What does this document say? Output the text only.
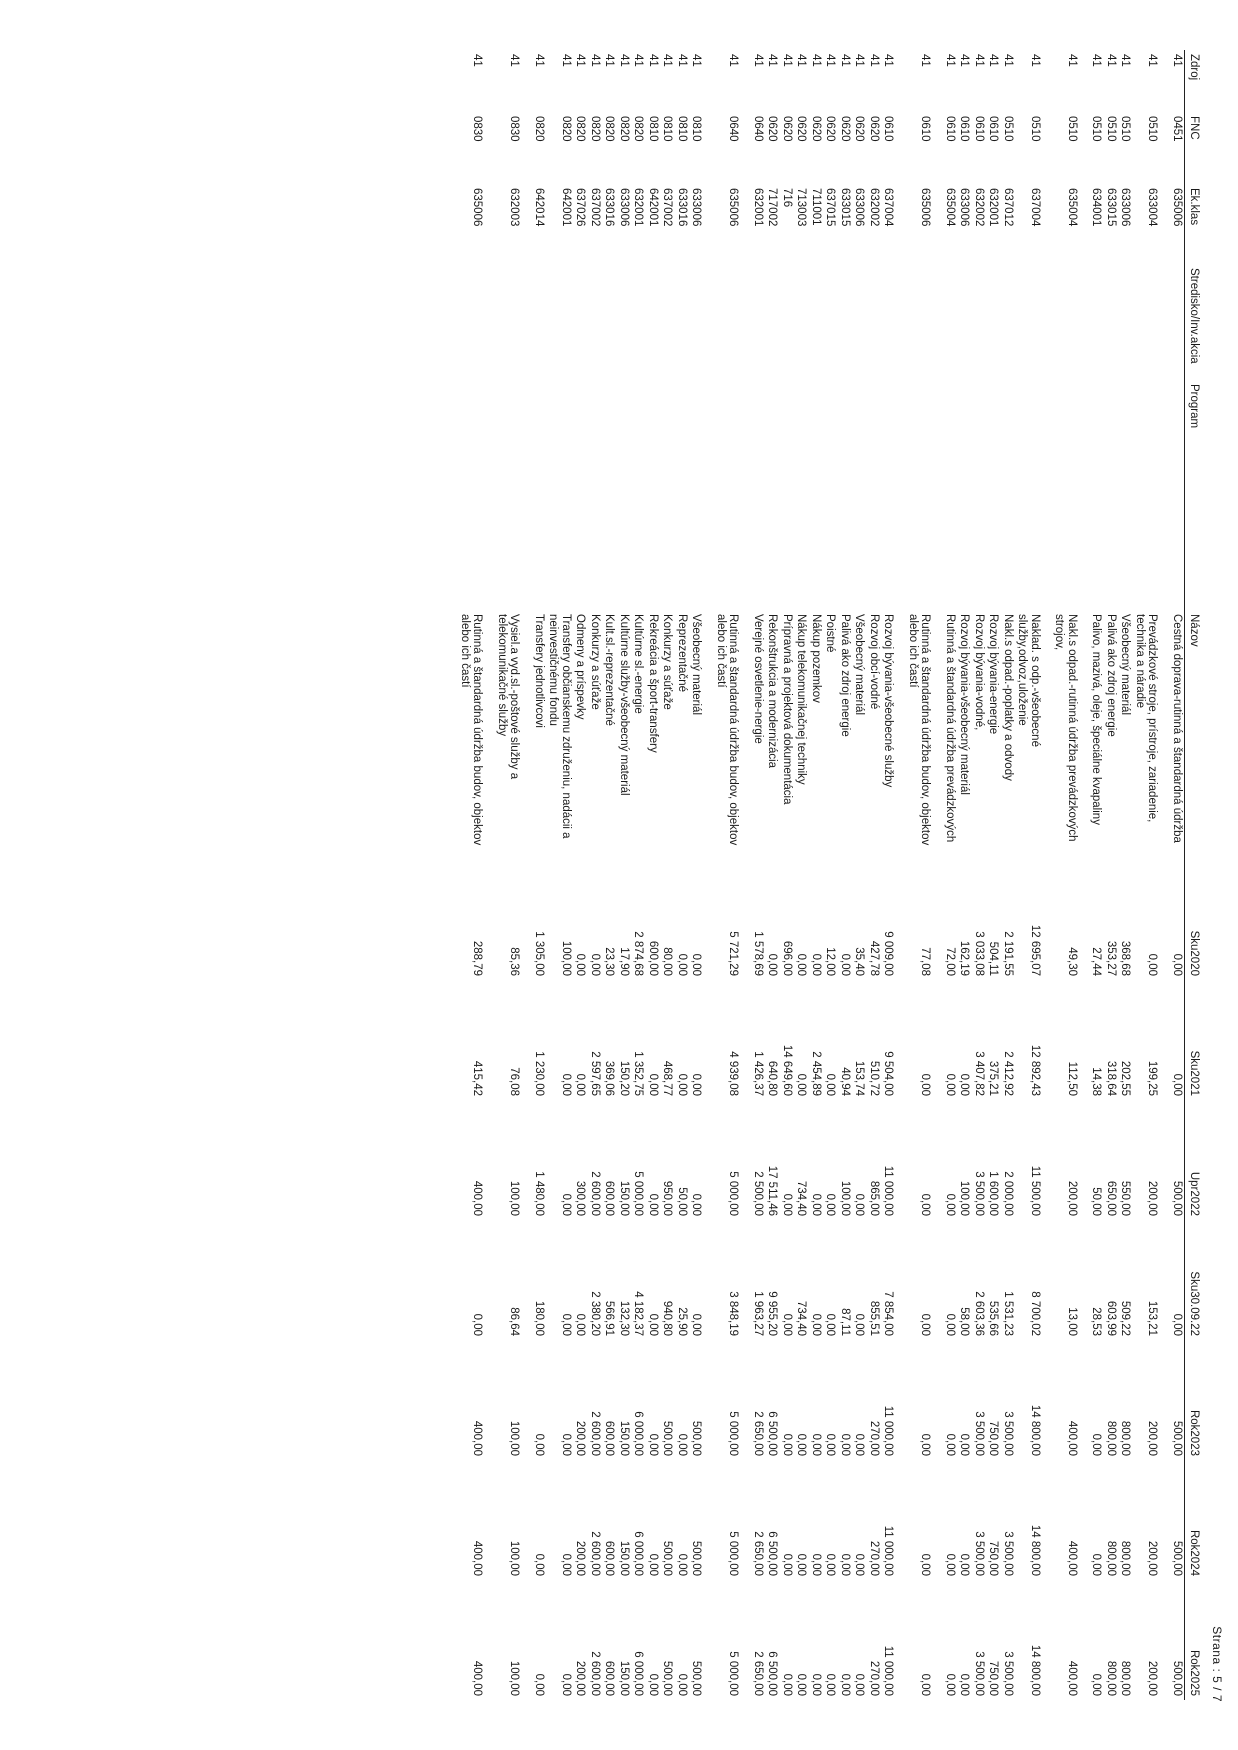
Strana : 5 / 7
Zdroj	FNC	Ek.klas	Stredisko/Inv.akcia	Program	Názov	Sku2020	Sku2021	Upr2022	Sku30.09.22	Rok2023	Rok2024	Rok2025
41	0451	635006			Cestná doprava-rutinná a štandardná údržba	0,00	0,00	500,00	0,00	500,00	500,00	500,00
41	0510	633004			Prevádzkové stroje, prístroje, zariadenie, technika a náradie	0,00	199,25	200,00	153,21	200,00	200,00	200,00
41	0510	633006			Všeobecný materiál	368,68	202,55	550,00	509,22	800,00	800,00	800,00
41	0510	633015			Palivá ako zdroj energie	353,27	318,64	650,00	603,99	800,00	800,00	800,00
41	0510	634001			Palivo, mazivá, oleje, špeciálne kvapaliny	27,44	14,38	50,00	28,53	0,00	0,00	0,00
41	0510	635004			Nakl.s odpad.-rutinná údržba prevádzkových strojov,	49,30	112,50	200,00	13,00	400,00	400,00	400,00
41	0510	637004			Naklad. s odp.-všeobecné služby,odvoz,uloženie	12 695,07	12 892,43	11 500,00	8 700,02	14 800,00	14 800,00	14 800,00
41	0510	637012			Nakl.s odpad.-poplatky a odvody	2 191,55	2 412,92	2 000,00	1 531,23	3 500,00	3 500,00	3 500,00
41	0610	632001			Rozvoj bývania-energie	504,11	375,21	1 600,00	535,66	750,00	750,00	750,00
41	0610	632002			Rozvoj bývania-vodné,	3 033,08	3 407,82	3 500,00	2 603,36	3 500,00	3 500,00	3 500,00
41	0610	633006			Rozvoj bývania-všeobecný materiál	162,19	0,00	100,00	58,00	0,00	0,00	0,00
41	0610	635004			Rutinná a štandardná údržba prevádzkových	72,00	0,00	0,00	0,00	0,00	0,00	0,00
41	0610	635006			Rutinná a štandardná údržba budov, objektov alebo ich častí	77,08	0,00	0,00	0,00	0,00	0,00	0,00
41	0610	637004			Rozvoj bývania-všeobecné služby	9 009,00	9 504,00	11 000,00	7 854,00	11 000,00	11 000,00	11 000,00
41	0620	632002			Rozvoj obcí-vodné	427,78	510,72	865,00	855,51	270,00	270,00	270,00
41	0620	633006			Všeobecný materiál	35,40	153,74	0,00	0,00	0,00	0,00	0,00
41	0620	633015			Palivá ako zdroj energie	0,00	40,94	100,00	87,11	0,00	0,00	0,00
41	0620	637015			Poistné	12,00	0,00	0,00	0,00	0,00	0,00	0,00
41	0620	711001			Nákup pozemkov	0,00	2 454,89	0,00	0,00	0,00	0,00	0,00
41	0620	713003			Nákup telekomunikačnej techniky	0,00	0,00	734,40	734,40	0,00	0,00	0,00
41	0620	716			Prípravná a projektová dokumentácia	696,00	14 649,60	0,00	0,00	0,00	0,00	0,00
41	0620	717002			Rekonštrukcia a modernizácia	0,00	640,80	17 511,46	9 955,20	6 500,00	6 500,00	6 500,00
41	0640	632001			Verejné osvetlenie-nergie	1 578,69	1 426,37	2 500,00	1 963,27	2 650,00	2 650,00	2 650,00
41	0640	635006			Rutinná a štandardná údržba budov, objektov alebo ich častí	5 721,29	4 939,08	5 000,00	3 848,19	5 000,00	5 000,00	5 000,00
41	0810	633006			Všeobecný materiál	0,00	0,00	0,00	0,00	500,00	500,00	500,00
41	0810	633016			Reprezentačné	0,00	0,00	50,00	25,90	0,00	0,00	0,00
41	0810	637002			Konkurzy a súťaže	80,00	468,77	950,00	940,80	500,00	500,00	500,00
41	0810	642001			Rekreácia a šport-transfery	600,00	0,00	0,00	0,00	0,00	0,00	0,00
41	0820	632001			Kultúrne sl.-energie	2 874,68	1 352,75	5 000,00	4 182,37	6 000,00	6 000,00	6 000,00
41	0820	633006			Kultúrne služby-všeobecný materiál	17,90	150,20	150,00	132,30	150,00	150,00	150,00
41	0820	633016			Kult.sl.-reprezentačné	23,30	369,06	600,00	566,91	600,00	600,00	600,00
41	0820	637002			Konkurzy a súťaže	0,00	2 597,65	2 600,00	2 380,20	2 600,00	2 600,00	2 600,00
41	0820	637026			Odmeny a príspevky	0,00	0,00	300,00	0,00	200,00	200,00	200,00
41	0820	642001			Transfery občianskemu združeniu, nadácii a neinvestičnému fondu	100,00	0,00	0,00	0,00	0,00	0,00	0,00
41	0820	642014			Transfery jednotlivcovi	1 305,00	1 230,00	1 480,00	180,00	0,00	0,00	0,00
41	0830	632003			Vysiel.a vyd.sl.-poštové služby a telekomunikačné služby	85,36	76,08	100,00	86,64	100,00	100,00	100,00
41	0830	635006			Rutinná a štandardná údržba budov, objektov alebo ich častí	288,79	415,42	400,00	0,00	400,00	400,00	400,00
